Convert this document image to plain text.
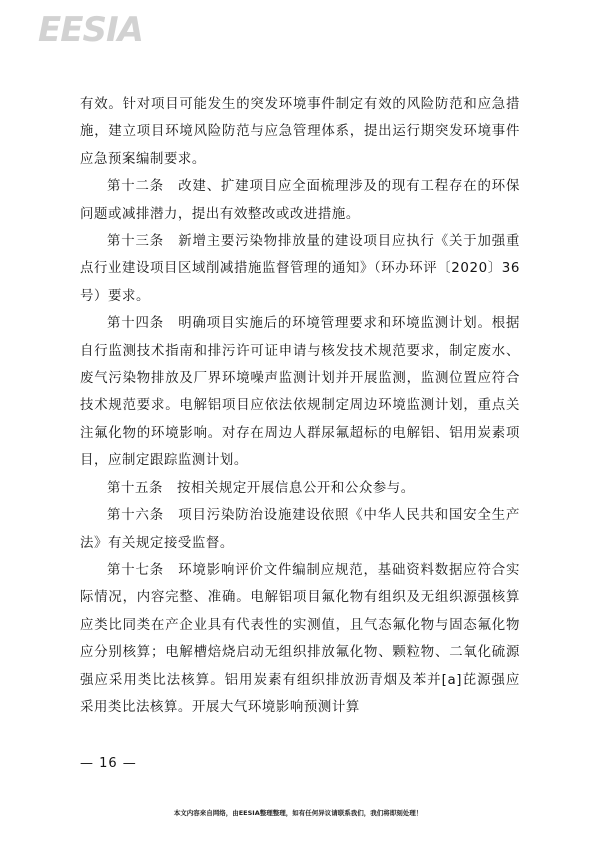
EESIA

有效。针对项目可能发生的突发环境事件制定有效的风险防范和应急措施，建立项目环境风险防范与应急管理体系，提出运行期突发环境事件应急预案编制要求。

第十二条　改建、扩建项目应全面梳理涉及的现有工程存在的环保问题或减排潜力，提出有效整改或改进措施。

第十三条　新增主要污染物排放量的建设项目应执行《关于加强重点行业建设项目区域削减措施监督管理的通知》（环办环评〔2020〕36号）要求。

第十四条　明确项目实施后的环境管理要求和环境监测计划。根据自行监测技术指南和排污许可证申请与核发技术规范要求，制定废水、废气污染物排放及厂界环境噪声监测计划并开展监测，监测位置应符合技术规范要求。电解铝项目应依法依规制定周边环境监测计划，重点关注氟化物的环境影响。对存在周边人群尿氟超标的电解铝、铝用炭素项目，应制定跟踪监测计划。

第十五条　按相关规定开展信息公开和公众参与。

第十六条　项目污染防治设施建设依照《中华人民共和国安全生产法》有关规定接受监督。

第十七条　环境影响评价文件编制应规范，基础资料数据应符合实际情况，内容完整、准确。电解铝项目氟化物有组织及无组织源强核算应类比同类在产企业具有代表性的实测值，且气态氟化物与固态氟化物应分别核算；电解槽焙烧启动无组织排放氟化物、颗粒物、二氧化硫源强应采用类比法核算。铝用炭素有组织排放沥青烟及苯并[a]芘源强应采用类比法核算。开展大气环境影响预测计算

— 16 —
本文内容来自网络，由EESIA整理整理，如有任何异议请联系我们，我们将即刻处理！
